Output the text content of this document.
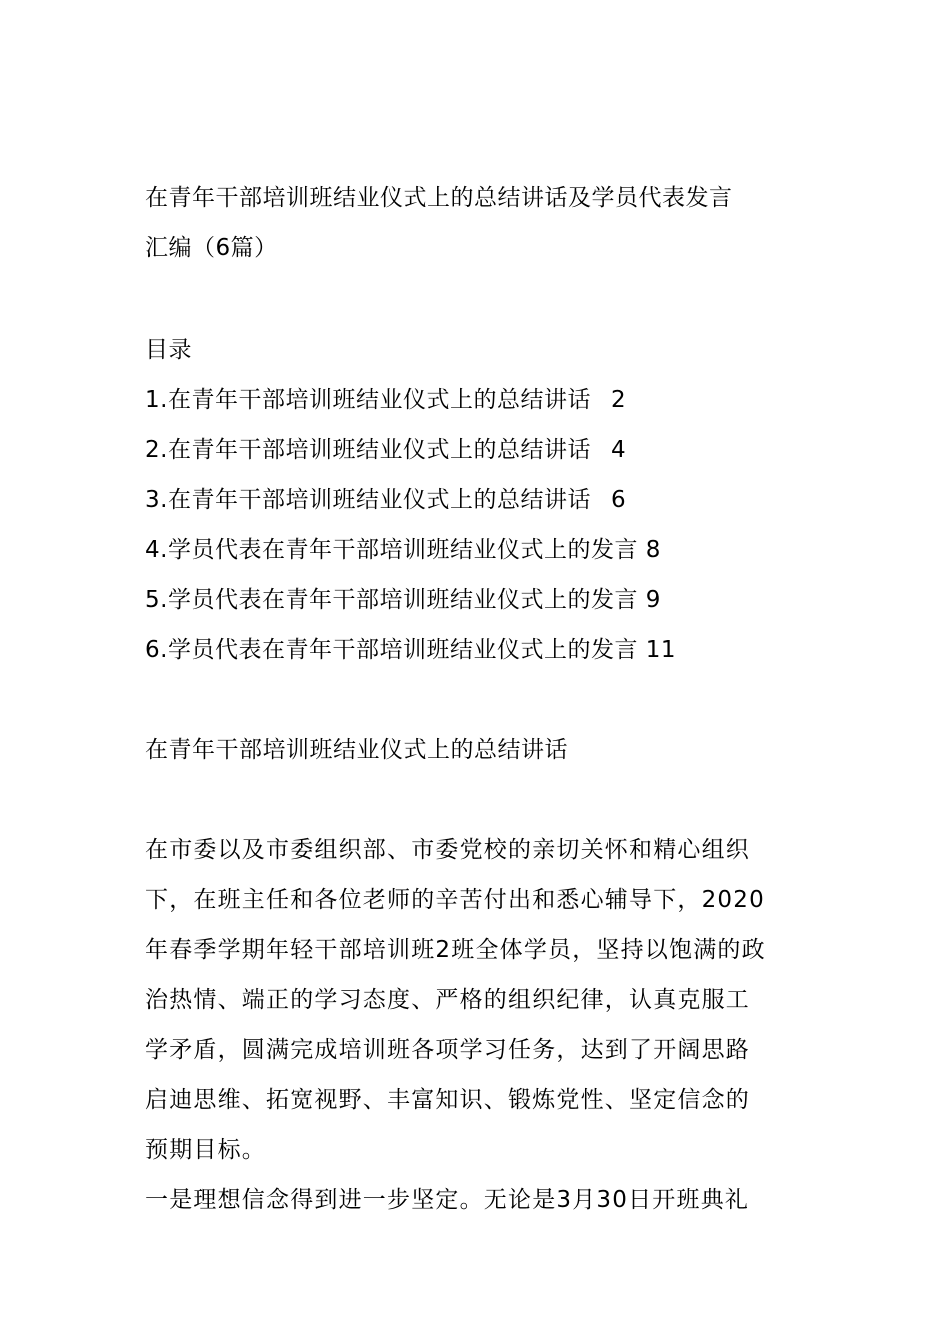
在青年干部培训班结业仪式上的总结讲话及学员代表发言
汇编（6篇）
目录
1.在青年干部培训班结业仪式上的总结讲话 2
2.在青年干部培训班结业仪式上的总结讲话 4
3.在青年干部培训班结业仪式上的总结讲话 6
4.学员代表在青年干部培训班结业仪式上的发言 8
5.学员代表在青年干部培训班结业仪式上的发言 9
6.学员代表在青年干部培训班结业仪式上的发言 11
在青年干部培训班结业仪式上的总结讲话
在市委以及市委组织部、市委党校的亲切关怀和精心组织
下，在班主任和各位老师的辛苦付出和悉心辅导下，2020
年春季学期年轻干部培训班2班全体学员，坚持以饱满的政
治热情、端正的学习态度、严格的组织纪律，认真克服工
学矛盾，圆满完成培训班各项学习任务，达到了开阔思路
启迪思维、拓宽视野、丰富知识、锻炼党性、坚定信念的
预期目标。
一是理想信念得到进一步坚定。无论是3月30日开班典礼
